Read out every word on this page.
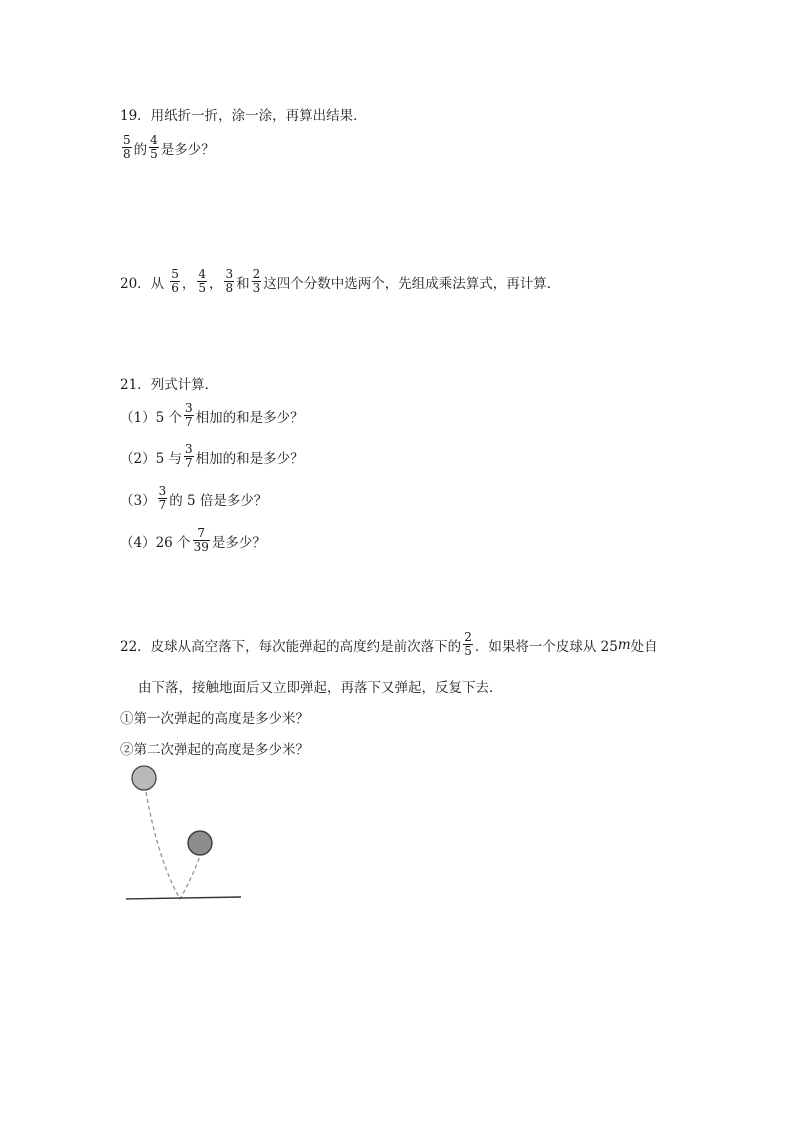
19．用纸折一折，涂一涂，再算出结果．
$\frac{5}{8}$ 的 $\frac{4}{5}$ 是多少？
20．从 $\frac{5}{6}$ ， $\frac{4}{5}$ ， $\frac{3}{8}$ 和 $\frac{2}{3}$ 这四个分数中选两个，先组成乘法算式，再计算．
21．列式计算．
（1）5 个 $\frac{3}{7}$ 相加的和是多少？
（2）5 与 $\frac{3}{7}$ 相加的和是多少？
$(3) \frac{3}{7}$ 的 5 倍是多少？
（4）26 个 $\frac{7}{39}$ 是多少？
22．皮球从高空落下，每次能弹起的高度约是前次落下的 $\frac{2}{5}$ ．如果将一个皮球从 25 m 处自
由下落，接触地面后又立即弹起，再落下又弹起，反复下去．
①第一次弹起的高度是多少米？
②第二次弹起的高度是多少米？
